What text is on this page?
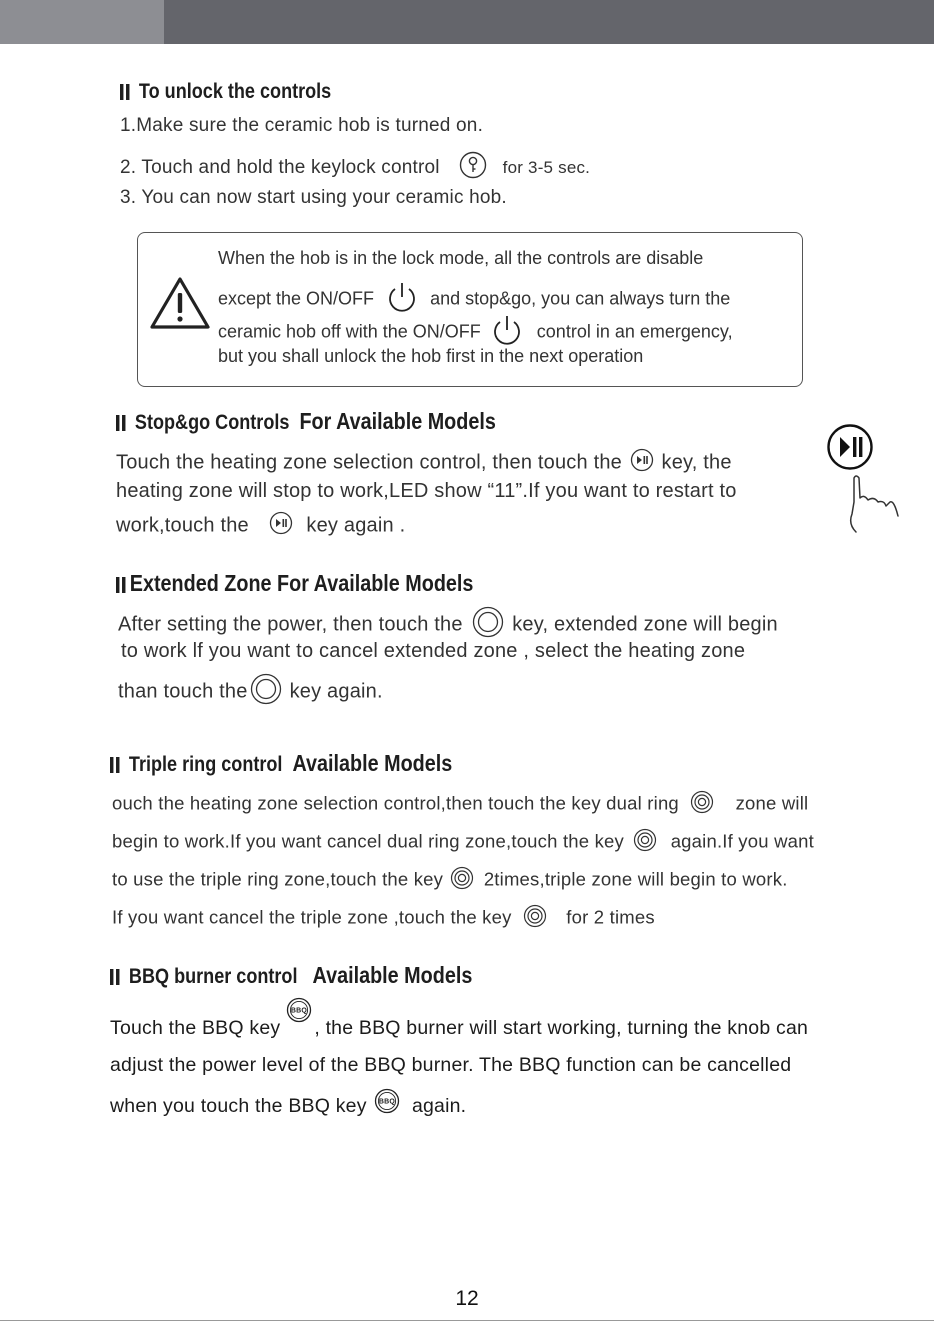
To unlock the controls
1.Make sure the ceramic hob is turned on.
2. Touch and hold the keylock control	for 3-5 sec.
3. You can now start using your ceramic hob.
When the hob is in the lock mode, all the controls are disable
except the ON/OFF	and stop&go, you can always turn the
ceramic hob off with the ON/OFF	control in an emergency,
but you shall unlock the hob first in the next operation
Stop&go Controls For Available Models
Touch the heating zone selection control, then touch the key, the
heating zone will stop to work,LED show “11”.If you want to restart to
work,touch the	key again .
Extended Zone For Available Models
After setting the power, then touch the key, extended zone will begin
to work lf you want to cancel extended zone , select the heating zone
than touch the key again.
Triple ring control Available Models
ouch the heating zone selection control,then touch the key dual ring	zone will
begin to work.If you want cancel dual ring zone,touch the key	again.If you want
to use the triple ring zone,touch the key 2times,triple zone will begin to work.
If you want cancel the triple zone ,touch the key	for 2 times
BBQ burner control Available Models
Touch the BBQ key
BBQ
, the BBQ burner will start working, turning the knob can
adjust the power level of the BBQ burner. The BBQ function can be cancelled
when you touch the BBQ key BBQ again.
12
